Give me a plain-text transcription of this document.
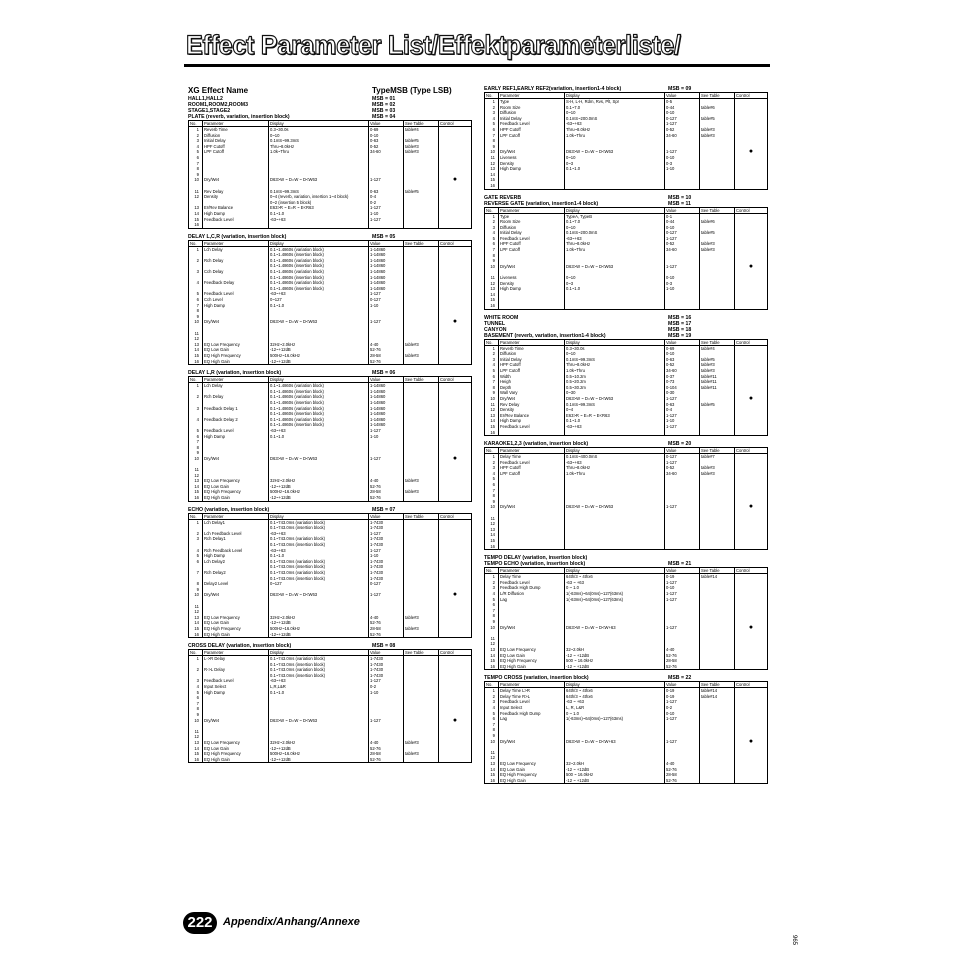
Effect Parameter List/Effektparameterliste/
XG Effect Name	TypeMSB (Type LSB)
HALL1,HALL2	MSB = 01
ROOM1,ROOM2,ROOM3	MSB = 02
STAGE1,STAGE2	MSB = 03
PLATE (reverb, variation, insertion block)	MSB = 04
No.	Parameter	Display	Value	See Table	Control
1	Reverb Time	0.3~30.0s	0-69	table#4	
2	Diffusion	0~10	0-10		
3	Initial Delay	0.1mS~99.3mS	0-63	table#5	
4	HPF Cutoff	Thru~8.0kHz	0-52	table#3	
5	LPF Cutoff	1.0k~Thru	34-60	table#3	
6					
7					
8					
9					
10	Dry/Wet	D63>W ~ D=W ~ D<W63	1-127		●

11	Rev Delay	0.1mS~99.3mS	0-63	table#5	
12	Density	0~4 (reverb, variation, insertion 1~4 block)	0-4		
		0~2 (insertion 5 block)	0-2		
13	Er/Rev Balance	E63>R ~ E=R ~ E<R63	1-127		
14	High Damp	0.1~1.0	1-10		
15	Feedback Level	-63~+63	1-127		
16					
DELAY L,C,R (variation, insertion block)	MSB = 05
No.	Parameter	Display	Value	See Table	Control
1	Lch Delay	0.1~1.4860s (variation block)	1-14860		
		0.1~1.4860s (insertion block)	1-14860		
2	Rch Delay	0.1~1.4860s (variation block)	1-14860		
		0.1~1.4860s (insertion block)	1-14860		
3	Cch Delay	0.1~1.4860s (variation block)	1-14860		
		0.1~1.4860s (insertion block)	1-14860		
4	Feedback Delay	0.1~1.4860s (variation block)	1-14860		
		0.1~1.4860s (insertion block)	1-14860		
5	Feedback Level	-63~+63	1-127		
6	Cch Level	0~127	0-127		
7	High Damp	0.1~1.0	1-10		
8					
9					
10	Dry/Wet	D63>W ~ D=W ~ D<W63	1-127		●

11					
12					
13	EQ Low Frequency	32Hz~2.0kHz	4-40	table#3	
14	EQ Low Gain	-12~+12dB	52-76		
15	EQ High Frequency	500Hz~16.0kHz	28-58	table#3	
16	EQ High Gain	-12~+12dB	52-76		
DELAY L,R (variation, insertion block)	MSB = 06
No.	Parameter	Display	Value	See Table	Control
1	Lch Delay	0.1~1.4860s (variation block)	1-14860		
		0.1~1.4860s (insertion block)	1-14860		
2	Rch Delay	0.1~1.4860s (variation block)	1-14860		
		0.1~1.4860s (insertion block)	1-14860		
3	Feedback Delay 1	0.1~1.4860s (variation block)	1-14860		
		0.1~1.4860s (insertion block)	1-14860		
4	Feedback Delay 2	0.1~1.4860s (variation block)	1-14860		
		0.1~1.4860s (insertion block)	1-14860		
5	Feedback Level	-63~+63	1-127		
6	High Damp	0.1~1.0	1-10		
7					
8					
9					
10	Dry/Wet	D63>W ~ D=W ~ D<W63	1-127		●

11					
12					
13	EQ Low Frequency	32Hz~2.0kHz	4-40	table#3	
14	EQ Low Gain	-12~+12dB	52-76		
15	EQ High Frequency	500Hz~16.0kHz	28-58	table#3	
16	EQ High Gain	-12~+12dB	52-76		
ECHO (variation, insertion block)	MSB = 07
No.	Parameter	Display	Value	See Table	Control
1	Lch Delay1	0.1~743.0ms (variation block)	1-7430		
		0.1~743.0ms (insertion block)	1-7430		
2	Lch Feedback Level	-63~+63	1-127		
3	Rch Delay1	0.1~743.0ms (variation block)	1-7430		
		0.1~743.0ms (insertion block)	1-7430		
4	Rch Feedback Level	-63~+63	1-127		
5	High Damp	0.1~1.0	1-10		
6	Lch Delay2	0.1~743.0ms (variation block)	1-7430		
		0.1~743.0ms (insertion block)	1-7430		
7	Rch Delay2	0.1~743.0ms (variation block)	1-7430		
		0.1~743.0ms (insertion block)	1-7430		
8	Delay2 Level	0~127	0-127		
9					
10	Dry/Wet	D63>W ~ D=W ~ D<W63	1-127		●

11					
12					
13	EQ Low Frequency	32Hz~2.0kHz	4-40	table#3	
14	EQ Low Gain	-12~+12dB	52-76		
15	EQ High Frequency	500Hz~16.0kHz	28-58	table#3	
16	EQ High Gain	-12~+12dB	52-76		
CROSS DELAY (variation, insertion block)	MSB = 08
No.	Parameter	Display	Value	See Table	Control
1	L->R Delay	0.1~743.0ms (variation block)	1-7430		
		0.1~743.0ms (insertion block)	1-7430		
2	R->L Delay	0.1~743.0ms (variation block)	1-7430		
		0.1~743.0ms (insertion block)	1-7430		
3	Feedback Level	-63~+63	1-127		
4	Input Select	L,R,L&R	0-2		
5	High Damp	0.1~1.0	1-10		
6					
7					
8					
9					
10	Dry/Wet	D63>W ~ D=W ~ D<W63	1-127		●

11					
12					
13	EQ Low Frequency	32Hz~2.0kHz	4-40	table#3	
14	EQ Low Gain	-12~+12dB	52-76		
15	EQ High Frequency	500Hz~16.0kHz	28-58	table#3	
16	EQ High Gain	-12~+12dB	52-76		
EARLY REF1,EARLY REF2(variation, insertion1-4 block)	MSB = 09
No.	Parameter	Display	Value	See Table	Control
1	Type	S-H, L-H, Rdm, Rvs, Plt, Spr	0-5		
2	Room Size	0.1~7.0	0-44	table#6	
3	Diffusion	0~10	0-10		
4	Initial Delay	0.1mS~200.0mS	0-127	table#5	
5	Feedback Level	-63~+63	1-127		
6	HPF Cutoff	Thru~8.0kHz	0-52	table#3	
7	LPF Cutoff	1.0k~Thru	34-60	table#3	
8					
9					
10	Dry/Wet	D63>W ~ D=W ~ D<W63	1-127		●
11	Liveness	0~10	0-10		
12	Density	0~3	0-3		
13	High Damp	0.1~1.0	1-10		
14					
15					
16					
GATE REVERB	MSB = 10
REVERSE GATE (variation, insertion1-4 block)	MSB = 11
No.	Parameter	Display	Value	See Table	Control
1	Type	TypeA, TypeB	0-1		
2	Room Size	0.1~7.0	0-44	table#6	
3	Diffusion	0~10	0-10		
4	Initial Delay	0.1mS~200.0mS	0-127	table#5	
5	Feedback Level	-63~+63	1-127		
6	HPF Cutoff	Thru~8.0kHz	0-52	table#3	
7	LPF Cutoff	1.0k~Thru	34-60	table#3	
8					
9					
10	Dry/Wet	D63>W ~ D=W ~ D<W63	1-127		●

11	Liveness	0~10	0-10		
12	Density	0~3	0-3		
13	High Damp	0.1~1.0	1-10		
14					
15					
16					
WHITE ROOM	MSB = 16
TUNNEL	MSB = 17
CANYON	MSB = 18
BASEMENT (reverb, variation, insertion1-4 block)	MSB = 19
No.	Parameter	Display	Value	See Table	Control
1	Reverb Time	0.3~30.0s	0-69	table#4	
2	Diffusion	0~10	0-10		
3	Initial Delay	0.1mS~99.3mS	0-63	table#5	
4	HPF Cutoff	Thru~8.0kHz	0-52	table#3	
5	LPF Cutoff	1.0k~Thru	34-60	table#3	
6	Width	0.5~10.2m	0-37	table#11	
7	Heigh	0.5~20.2m	0-73	table#11	
8	Depth	0.5~30.2m	0-104	table#11	
9	Wall Vary	0~30	0-30		
10	Dry/Wet	D63>W ~ D=W ~ D<W63	1-127		●
11	Rev Delay	0.1mS~99.3mS	0-63	table#5	
12	Density	0~4	0-4		
13	Er/Rev Balance	E63>R ~ E=R ~ E<R63	1-127		
14	High Damp	0.1~1.0	1-10		
15	Feedback Level	-63~+63	1-127		
16					
KARAOKE1,2,3 (variation, insertion block)	MSB = 20
No.	Parameter	Display	Value	See Table	Control
1	Delay Time	0.1mS~400.0mS	0-127	table#7	
2	Feedback Level	-63~+63	1-127		
3	HPF Cutoff	Thru~8.0kHz	0-52	table#3	
4	LPF Cutoff	1.0k~Thru	34-60	table#3	
5					
6					
7					
8					
9					
10	Dry/Wet	D63>W ~ D=W ~ D<W63	1-127		●

11					
12					
13					
14					
15					
16					
TEMPO DELAY (variation, insertion block)
TEMPO ECHO (variation, insertion block)	MSB = 21
No.	Parameter	Display	Value	See Table	Control
1	Delay Time	64th/3 ~ 4thx6	0-19	table#14	
2	Feedback Level	-63 ~ +63	1-127		
3	Feedback High Dump	0 ~ 1.0	0-10		
4	L/R Diffusion	1(-63ms)~64(0ms)~127(63ms)	1-127		
5	Lag	1(-63ms)~64(0ms)~127(63ms)	1-127		
6					
7					
8					
9					
10	Dry/Wet	D63>W ~ D=W ~ D<W+63	1-127		●

11					
12					
13	EQ Low Frequency	32~2.0kH	4-40		
14	EQ Low Gain	-12 ~ +12dB	52-76		
15	EQ High Frequency	500 ~ 16.0kHz	28-58		
16	EQ High Gain	-12 ~ +12dB	52-76		
TEMPO CROSS (variation, insertion block)	MSB = 22
No.	Parameter	Display	Value	See Table	Control
1	Delay Time L>R	64th/3 ~ 4thx6	0-19	table#14	
2	Delay Time R>L	64th/3 ~ 4thx6	0-19	table#14	
3	Feedback Level	-63 ~ +63	1-127		
4	Input Select	L, R, L&R	0-2		
5	Feedback High Dump	0 ~ 1.0	0-10		
6	Lag	1(-63ms)~64(0ms)~127(63ms)	1-127		
7					
8					
9					
10	Dry/Wet	D63>W ~ D=W ~ D<W+63	1-127		●

11					
12					
13	EQ Low Frequency	32~2.0kH	4-40		
14	EQ Low Gain	-12 ~ +12dB	52-76		
15	EQ High Frequency	500 ~ 16.0kHz	28-58		
16	EQ High Gain	-12 ~ +12dB	52-76		
222 Appendix/Anhang/Annexe
965
